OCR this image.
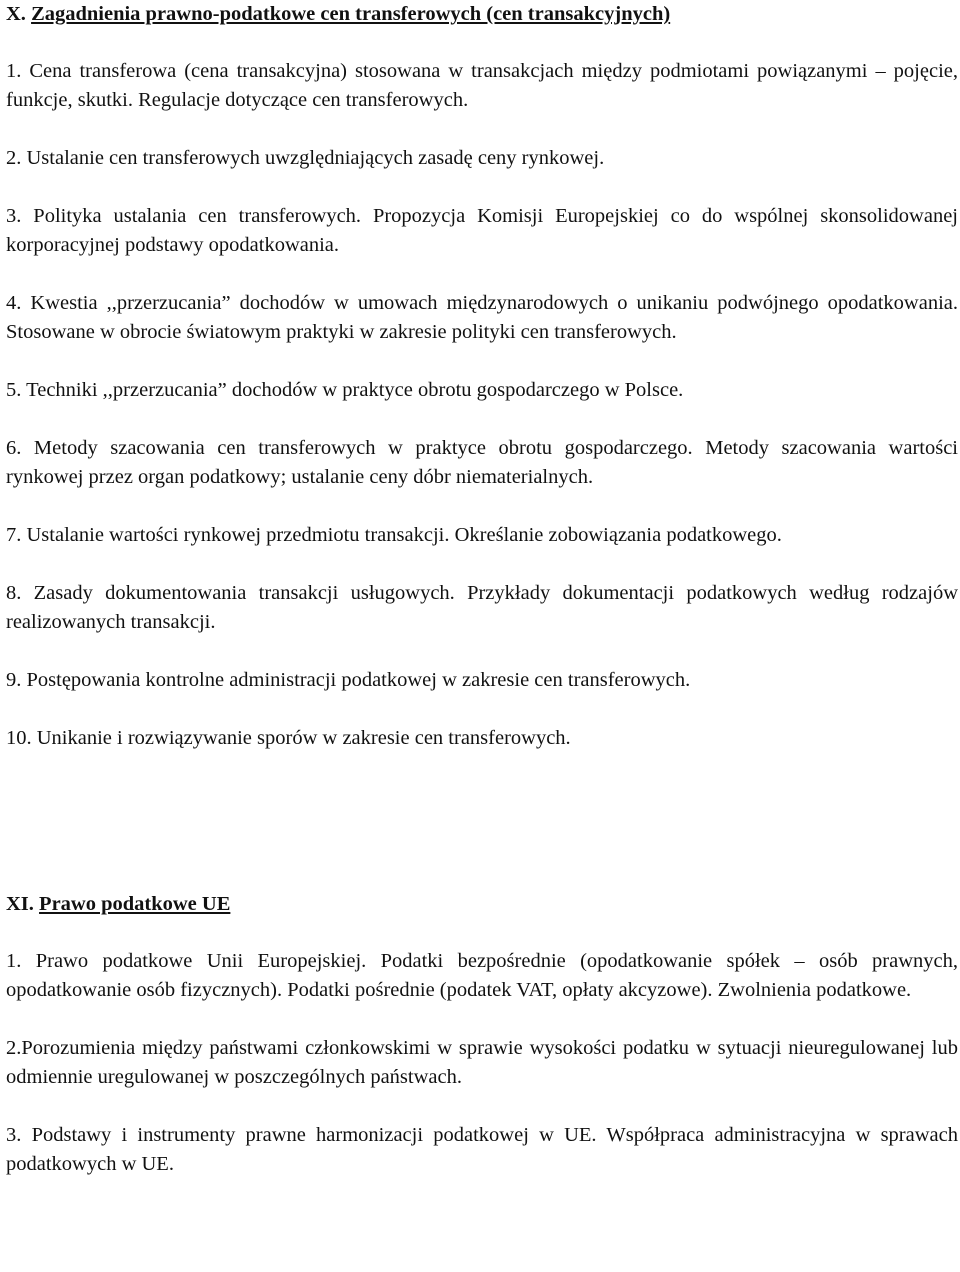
X. Zagadnienia prawno-podatkowe cen transferowych (cen transakcyjnych)

1. Cena transferowa (cena transakcyjna) stosowana w transakcjach między podmiotami powiązanymi – pojęcie, funkcje, skutki. Regulacje dotyczące cen transferowych.

2. Ustalanie cen transferowych uwzględniających zasadę ceny rynkowej.

3. Polityka ustalania cen transferowych. Propozycja Komisji Europejskiej co do wspólnej skonsolidowanej korporacyjnej podstawy opodatkowania.

4. Kwestia ,,przerzucania” dochodów w umowach międzynarodowych o unikaniu podwójnego opodatkowania. Stosowane w obrocie światowym praktyki w zakresie polityki cen transferowych.

5. Techniki ,,przerzucania” dochodów w praktyce obrotu gospodarczego w Polsce.

6. Metody szacowania cen transferowych w praktyce obrotu gospodarczego. Metody szacowania wartości rynkowej przez organ podatkowy; ustalanie ceny dóbr niematerialnych.

7. Ustalanie wartości rynkowej przedmiotu transakcji. Określanie zobowiązania podatkowego.

8. Zasady dokumentowania transakcji usługowych. Przykłady dokumentacji podatkowych według rodzajów realizowanych transakcji.

9. Postępowania kontrolne administracji podatkowej w zakresie cen transferowych.

10. Unikanie i rozwiązywanie sporów w zakresie cen transferowych.

XI. Prawo podatkowe UE

1. Prawo podatkowe Unii Europejskiej. Podatki bezpośrednie (opodatkowanie spółek – osób prawnych, opodatkowanie osób fizycznych). Podatki pośrednie (podatek VAT, opłaty akcyzowe). Zwolnienia podatkowe.

2.Porozumienia między państwami członkowskimi w sprawie wysokości podatku w sytuacji nieuregulowanej lub odmiennie uregulowanej w poszczególnych państwach.

3. Podstawy i instrumenty prawne harmonizacji podatkowej w UE. Współpraca administracyjna w sprawach podatkowych w UE.
